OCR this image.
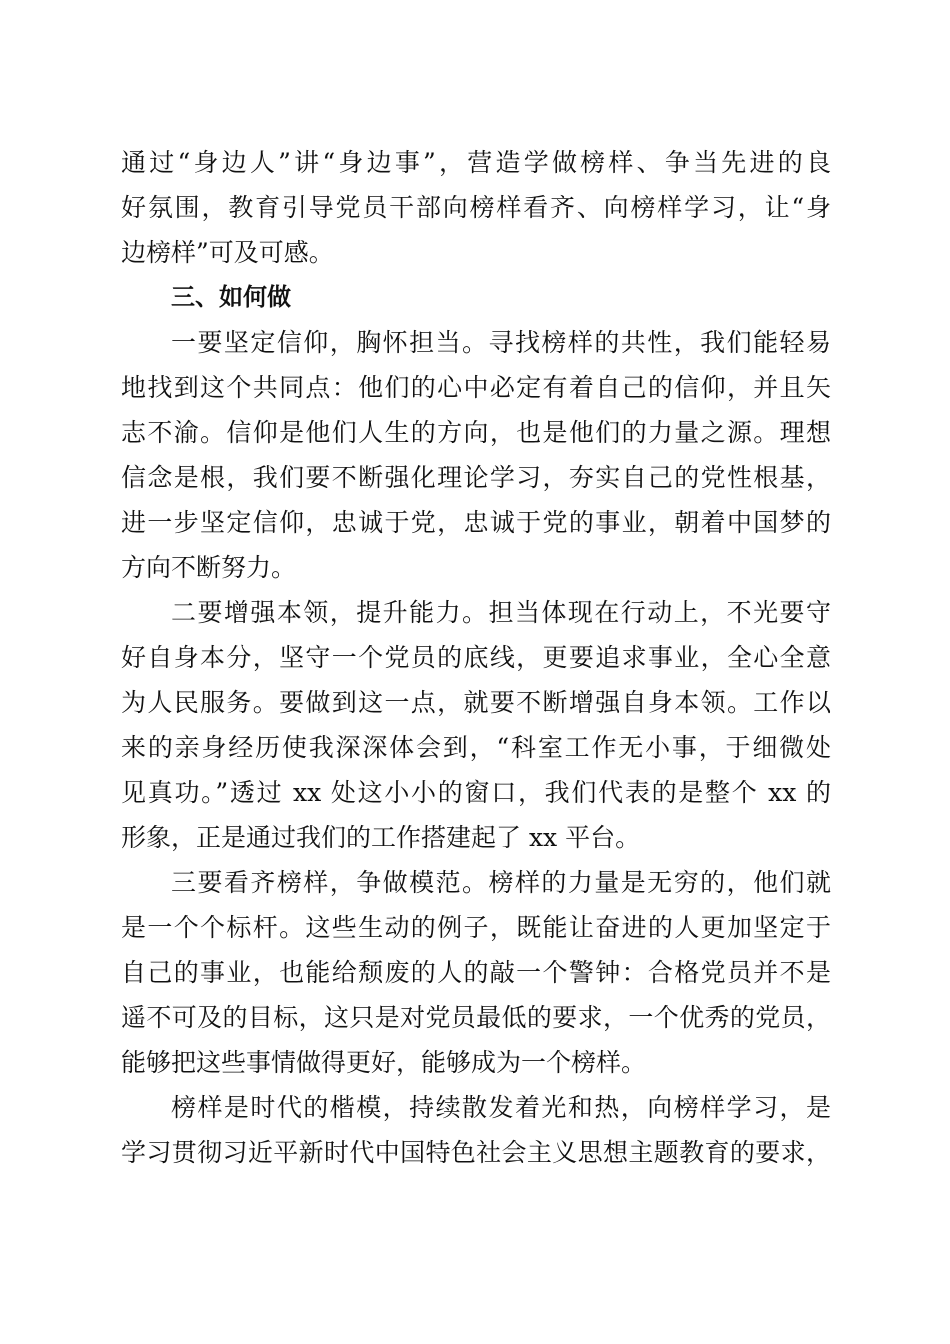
通过“身边人”讲“身边事”，营造学做榜样、争当先进的良
好氛围，教育引导党员干部向榜样看齐、向榜样学习，让“身
边榜样”可及可感。
三、如何做
一要坚定信仰，胸怀担当。寻找榜样的共性，我们能轻易
地找到这个共同点：他们的心中必定有着自己的信仰，并且矢
志不渝。信仰是他们人生的方向，也是他们的力量之源。理想
信念是根，我们要不断强化理论学习，夯实自己的党性根基，
进一步坚定信仰，忠诚于党，忠诚于党的事业，朝着中国梦的
方向不断努力。
二要增强本领，提升能力。担当体现在行动上，不光要守
好自身本分，坚守一个党员的底线，更要追求事业，全心全意
为人民服务。要做到这一点，就要不断增强自身本领。工作以
来的亲身经历使我深深体会到，“科室工作无小事，于细微处
见真功。”透过 xx 处这小小的窗口，我们代表的是整个 xx 的
形象，正是通过我们的工作搭建起了 xx 平台。
三要看齐榜样，争做模范。榜样的力量是无穷的，他们就
是一个个标杆。这些生动的例子，既能让奋进的人更加坚定于
自己的事业，也能给颓废的人的敲一个警钟：合格党员并不是
遥不可及的目标，这只是对党员最低的要求，一个优秀的党员，
能够把这些事情做得更好，能够成为一个榜样。
榜样是时代的楷模，持续散发着光和热，向榜样学习，是
学习贯彻习近平新时代中国特色社会主义思想主题教育的要求，
